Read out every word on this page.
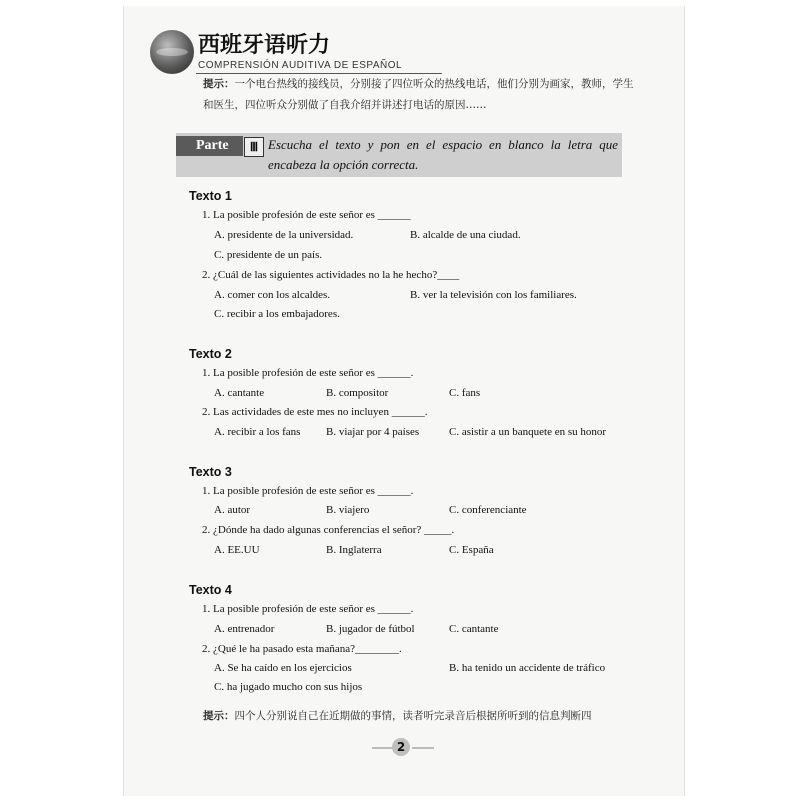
西班牙语听力
COMPRENSIÓN AUDITIVA DE ESPAÑOL
提示：一个电台热线的接线员，分别接了四位听众的热线电话，他们分别为画家，教师，学生和医生，四位听众分别做了自我介绍并讲述打电话的原因……
Parte	Ⅲ Escucha el texto y pon en el espacio en blanco la letra que encabeza la opción correcta.
Texto 1
1. La posible profesión de este señor es ______
A. presidente de la universidad.	B. alcalde de una ciudad.
C. presidente de un país.
2. ¿Cuál de las siguientes actividades no la he hecho?____
A. comer con los alcaldes.	B. ver la televisión con los familiares.
C. recibir a los embajadores.
Texto 2
1. La posible profesión de este señor es ______.
A. cantante	B. compositor	C. fans
2. Las actividades de este mes no incluyen ______.
A. recibir a los fans B. viajar por 4 países	C. asistir a un banquete en su honor
Texto 3
1. La posible profesión de este señor es ______.
A. autor	B. viajero	C. conferenciante
2. ¿Dónde ha dado algunas conferencias el señor? _____.
A. EE.UU	B. Inglaterra	C. España
Texto 4
1. La posible profesión de este señor es ______.
A. entrenador	B. jugador de fútbol	C. cantante
2. ¿Qué le ha pasado esta mañana?________.
A. Se ha caído en los ejercicios	B. ha tenido un accidente de tráfico
C. ha jugado mucho con sus hijos
提示：四个人分别说自己在近期做的事情，读者听完录音后根据所听到的信息判断四
2
